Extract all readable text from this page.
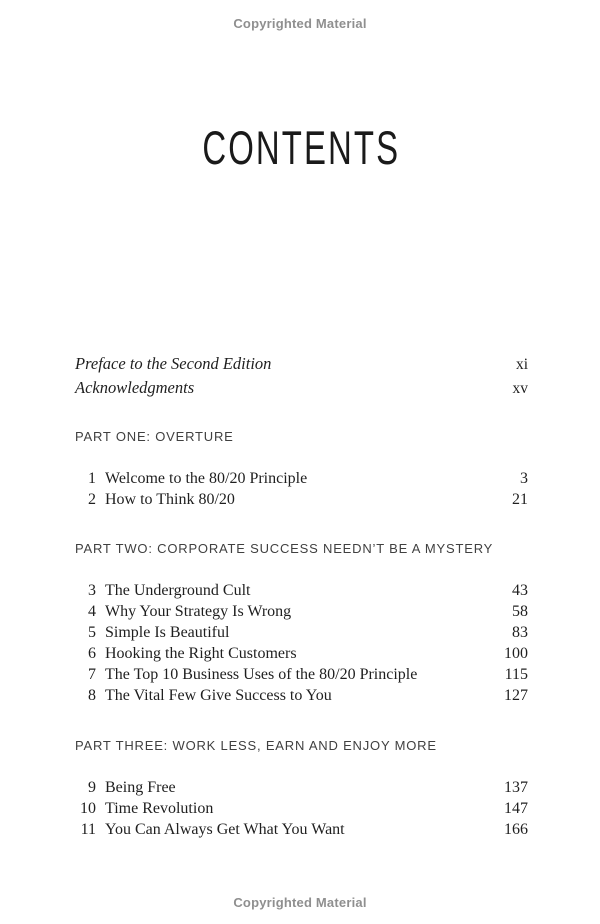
Copyrighted Material
CONTENTS
Preface to the Second Edition	xi
Acknowledgments	xv
PART ONE: OVERTURE
1 Welcome to the 80/20 Principle	3
2 How to Think 80/20	21
PART TWO: CORPORATE SUCCESS NEEDN’T BE A MYSTERY
3 The Underground Cult	43
4 Why Your Strategy Is Wrong	58
5 Simple Is Beautiful	83
6 Hooking the Right Customers	100
7 The Top 10 Business Uses of the 80/20 Principle	115
8 The Vital Few Give Success to You	127
PART THREE: WORK LESS, EARN AND ENJOY MORE
9 Being Free	137
10 Time Revolution	147
11 You Can Always Get What You Want	166
Copyrighted Material
